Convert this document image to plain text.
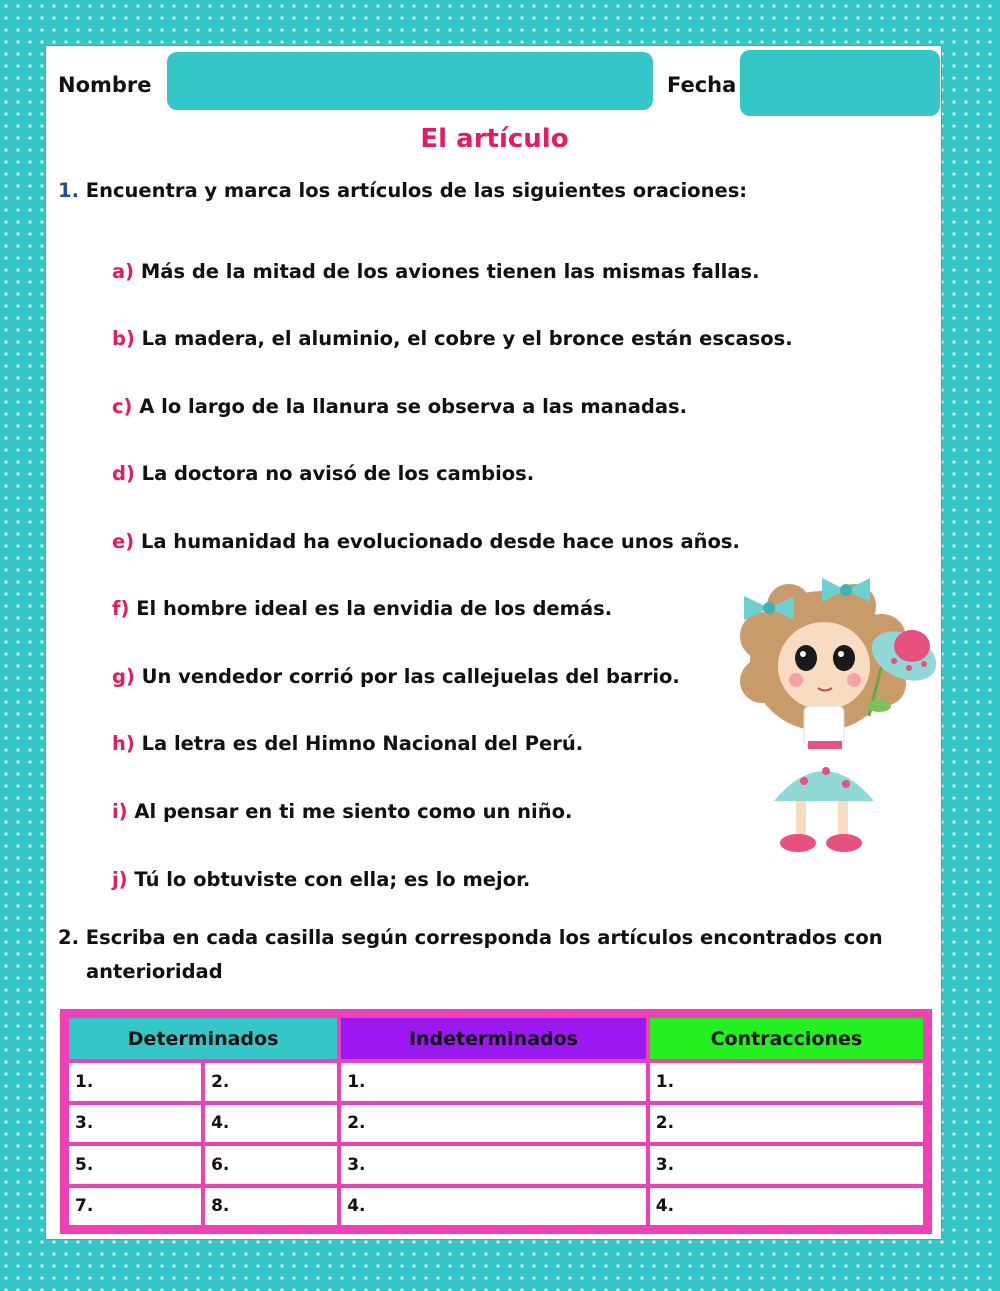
Nombre	Fecha
El artículo
1. Encuentra y marca los artículos de las siguientes oraciones:
a) Más de la mitad de los aviones tienen las mismas fallas.
b) La madera, el aluminio, el cobre y el bronce están escasos.
c) A lo largo de la llanura se observa a las manadas.
d) La doctora no avisó de los cambios.
e) La humanidad ha evolucionado desde hace unos años.
f) El hombre ideal es la envidia de los demás.
g) Un vendedor corrió por las callejuelas del barrio.
h) La letra es del Himno Nacional del Perú.
i) Al pensar en ti me siento como un niño.
j) Tú lo obtuviste con ella; es lo mejor.
2. Escriba en cada casilla según corresponda los artículos encontrados con
anterioridad
Determinados		Indeterminados	Contracciones
1.	2.	1.	1.
3.	4.	2.	2.
5.	6.	3.	3.
7.	8.	4.	4.
